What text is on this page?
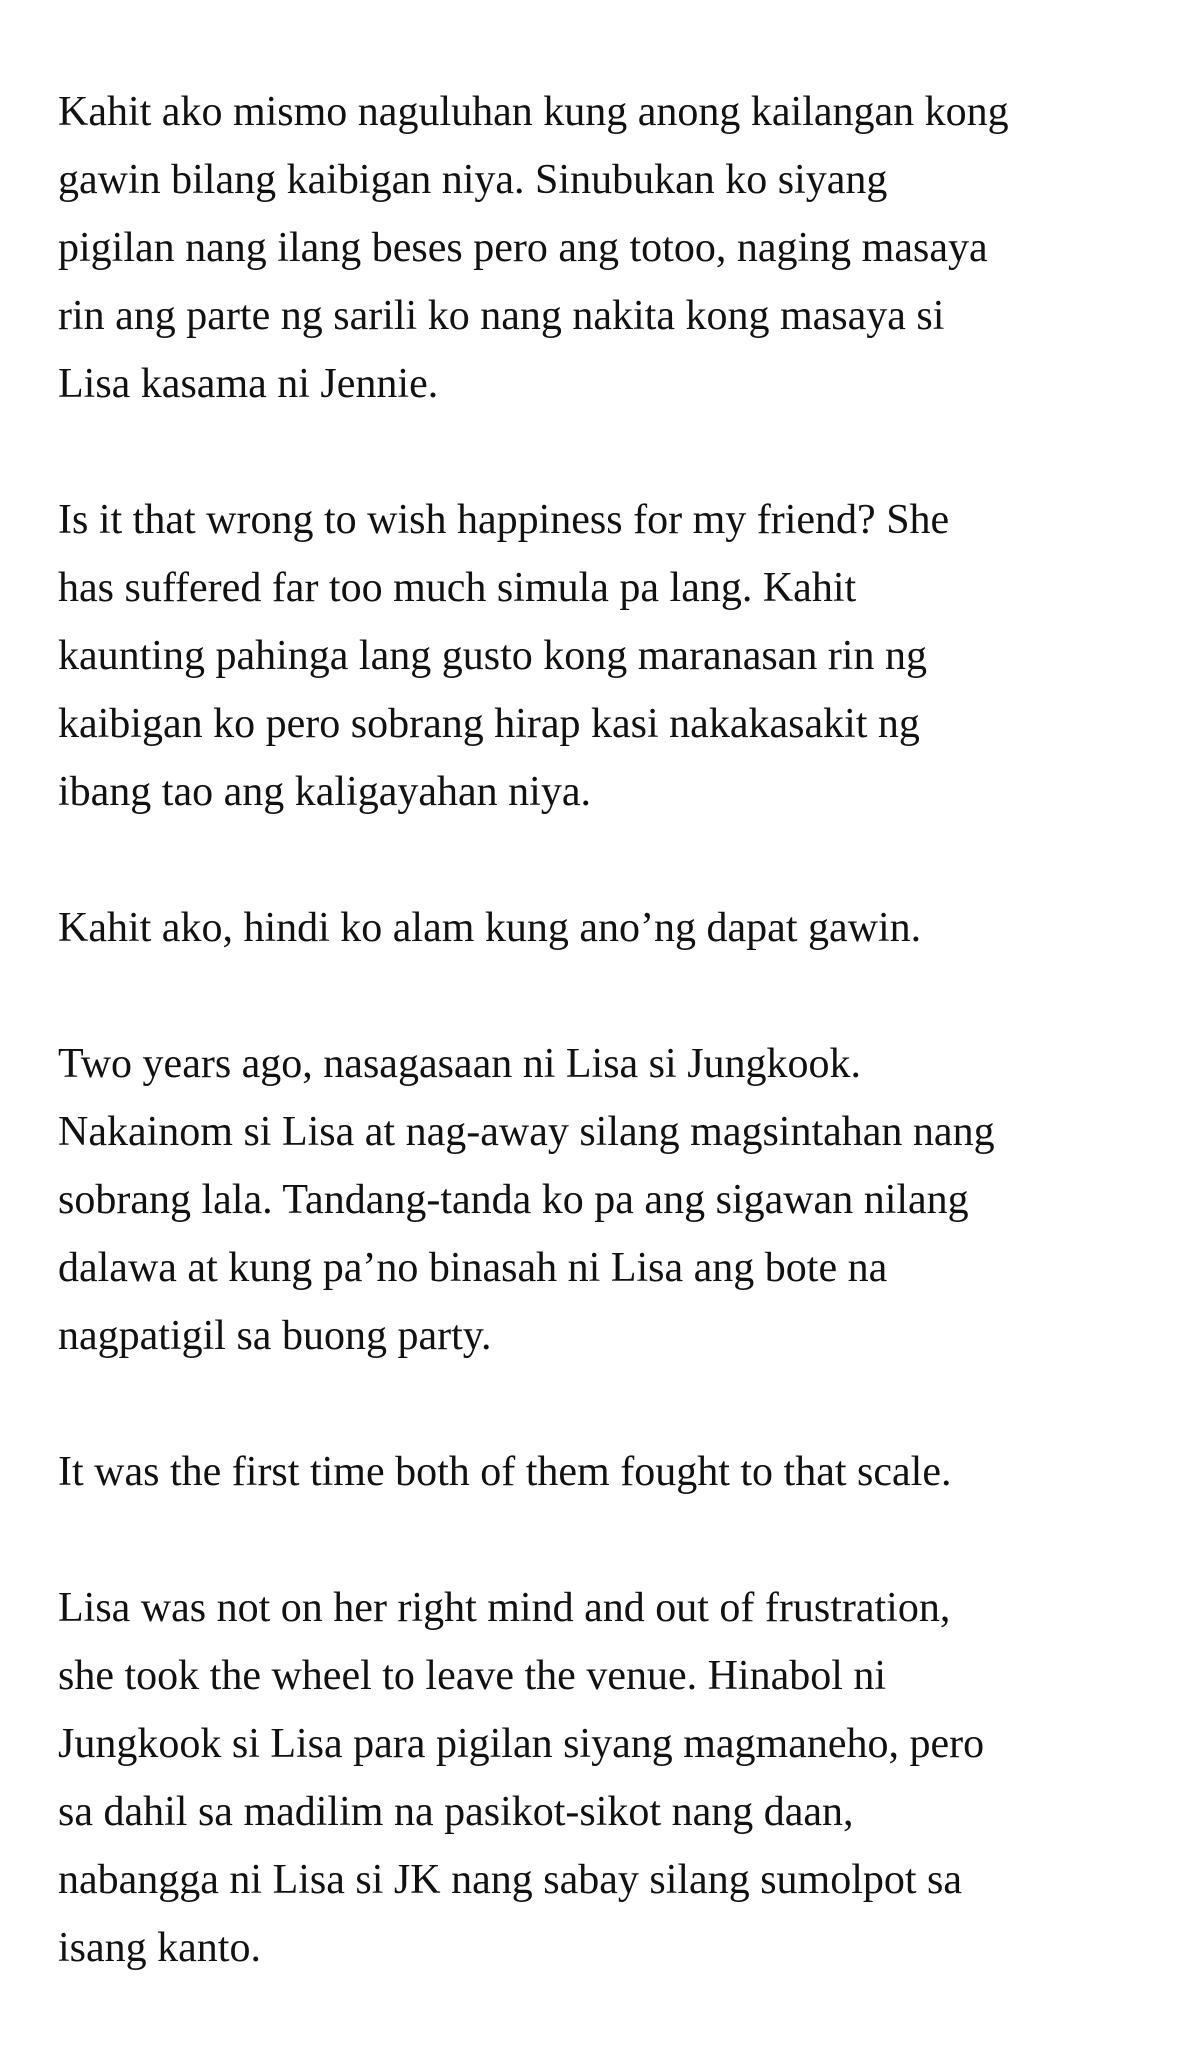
Kahit ako mismo naguluhan kung anong kailangan kong
gawin bilang kaibigan niya. Sinubukan ko siyang
pigilan nang ilang beses pero ang totoo, naging masaya
rin ang parte ng sarili ko nang nakita kong masaya si
Lisa kasama ni Jennie.

Is it that wrong to wish happiness for my friend? She
has suffered far too much simula pa lang. Kahit
kaunting pahinga lang gusto kong maranasan rin ng
kaibigan ko pero sobrang hirap kasi nakakasakit ng
ibang tao ang kaligayahan niya.

Kahit ako, hindi ko alam kung ano’ng dapat gawin.

Two years ago, nasagasaan ni Lisa si Jungkook.
Nakainom si Lisa at nag-away silang magsintahan nang
sobrang lala. Tandang-tanda ko pa ang sigawan nilang
dalawa at kung pa’no binasah ni Lisa ang bote na
nagpatigil sa buong party.

It was the first time both of them fought to that scale.

Lisa was not on her right mind and out of frustration,
she took the wheel to leave the venue. Hinabol ni
Jungkook si Lisa para pigilan siyang magmaneho, pero
sa dahil sa madilim na pasikot-sikot nang daan,
nabangga ni Lisa si JK nang sabay silang sumolpot sa
isang kanto.
